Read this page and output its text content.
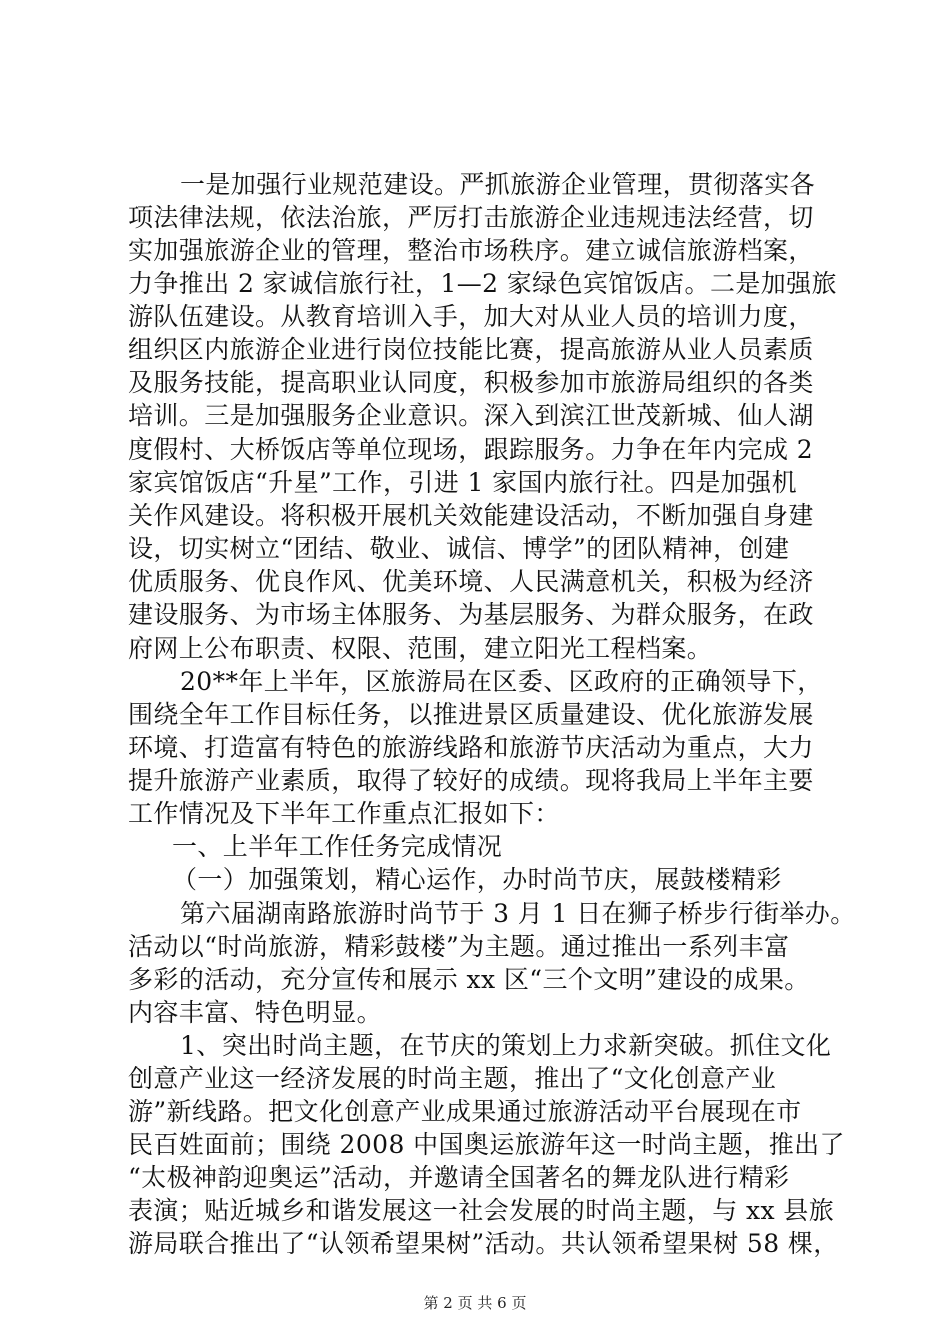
一是加强行业规范建设。严抓旅游企业管理，贯彻落实各
项法律法规，依法治旅，严厉打击旅游企业违规违法经营，切
实加强旅游企业的管理，整治市场秩序。建立诚信旅游档案，
力争推出 2 家诚信旅行社，1—2 家绿色宾馆饭店。二是加强旅
游队伍建设。从教育培训入手，加大对从业人员的培训力度，
组织区内旅游企业进行岗位技能比赛，提高旅游从业人员素质
及服务技能，提高职业认同度，积极参加市旅游局组织的各类
培训。三是加强服务企业意识。深入到滨江世茂新城、仙人湖
度假村、大桥饭店等单位现场，跟踪服务。力争在年内完成 2
家宾馆饭店“升星”工作，引进 1 家国内旅行社。四是加强机
关作风建设。将积极开展机关效能建设活动，不断加强自身建
设，切实树立“团结、敬业、诚信、博学”的团队精神，创建
优质服务、优良作风、优美环境、人民满意机关，积极为经济
建设服务、为市场主体服务、为基层服务、为群众服务，在政
府网上公布职责、权限、范围，建立阳光工程档案。
20**年上半年，区旅游局在区委、区政府的正确领导下，
围绕全年工作目标任务，以推进景区质量建设、优化旅游发展
环境、打造富有特色的旅游线路和旅游节庆活动为重点，大力
提升旅游产业素质，取得了较好的成绩。现将我局上半年主要
工作情况及下半年工作重点汇报如下：
一、上半年工作任务完成情况
（一）加强策划，精心运作，办时尚节庆，展鼓楼精彩
第六届湖南路旅游时尚节于 3 月 1 日在狮子桥步行街举办。
活动以“时尚旅游，精彩鼓楼”为主题。通过推出一系列丰富
多彩的活动，充分宣传和展示 xx 区“三个文明”建设的成果。
内容丰富、特色明显。
1、突出时尚主题，在节庆的策划上力求新突破。抓住文化
创意产业这一经济发展的时尚主题，推出了“文化创意产业
游”新线路。把文化创意产业成果通过旅游活动平台展现在市
民百姓面前；围绕 2008 中国奥运旅游年这一时尚主题，推出了
“太极神韵迎奥运”活动，并邀请全国著名的舞龙队进行精彩
表演；贴近城乡和谐发展这一社会发展的时尚主题，与 xx 县旅
游局联合推出了“认领希望果树”活动。共认领希望果树 58 棵，
第 2 页 共 6 页
